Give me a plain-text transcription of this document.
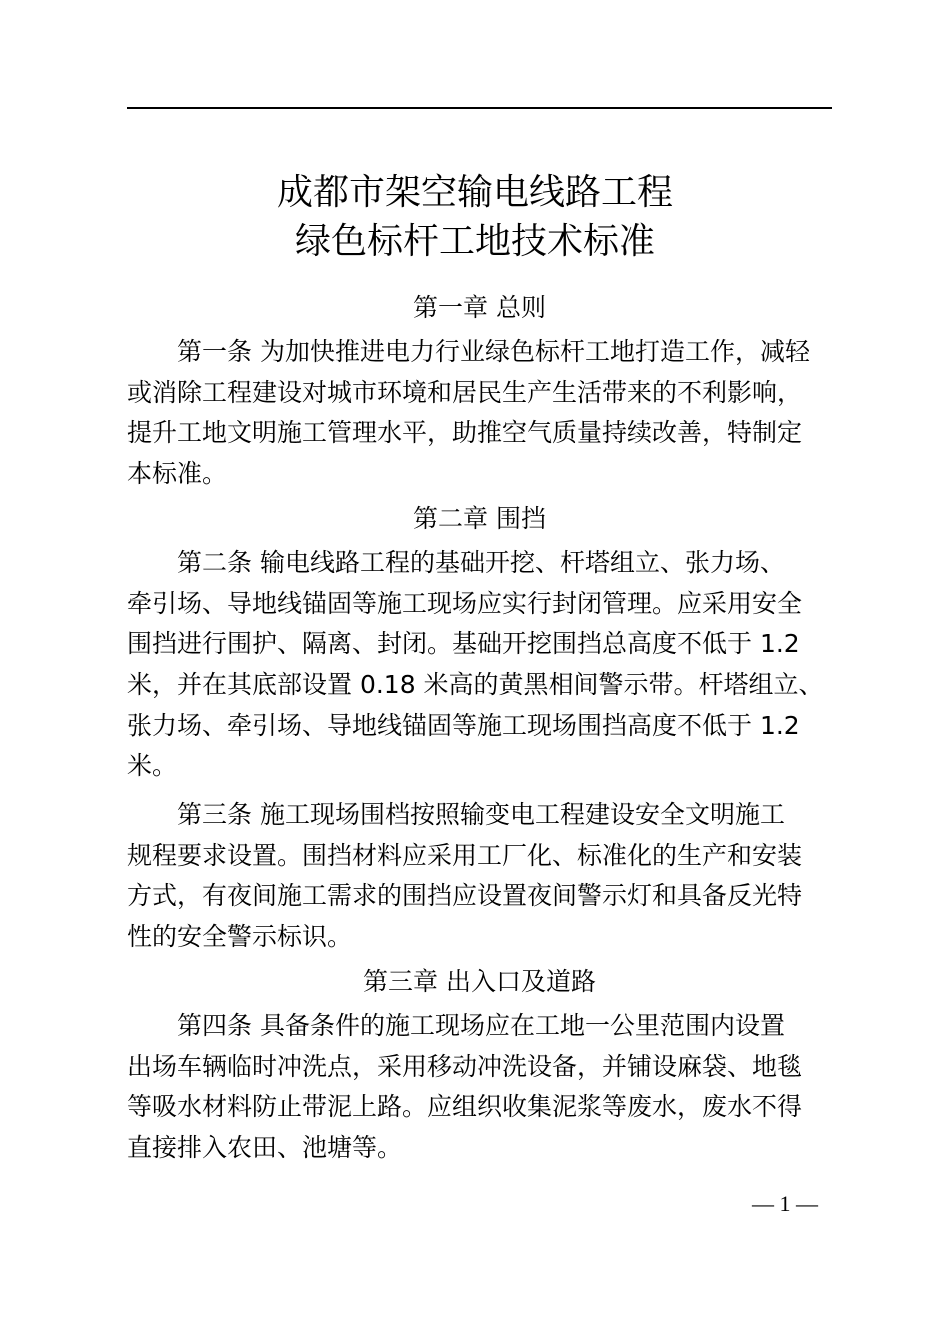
成都市架空输电线路工程
绿色标杆工地技术标准
第一章 总则
第一条 为加快推进电力行业绿色标杆工地打造工作，减轻
或消除工程建设对城市环境和居民生产生活带来的不利影响，
提升工地文明施工管理水平，助推空气质量持续改善，特制定
本标准。
第二章 围挡
第二条 输电线路工程的基础开挖、杆塔组立、张力场、
牵引场、导地线锚固等施工现场应实行封闭管理。应采用安全
围挡进行围护、隔离、封闭。基础开挖围挡总高度不低于 1.2
米，并在其底部设置 0.18 米高的黄黑相间警示带。杆塔组立、
张力场、牵引场、导地线锚固等施工现场围挡高度不低于 1.2
米。
第三条 施工现场围档按照输变电工程建设安全文明施工
规程要求设置。围挡材料应采用工厂化、标准化的生产和安装
方式，有夜间施工需求的围挡应设置夜间警示灯和具备反光特
性的安全警示标识。
第三章 出入口及道路
第四条 具备条件的施工现场应在工地一公里范围内设置
出场车辆临时冲洗点，采用移动冲洗设备，并铺设麻袋、地毯
等吸水材料防止带泥上路。应组织收集泥浆等废水，废水不得
直接排入农田、池塘等。
— 1 —
